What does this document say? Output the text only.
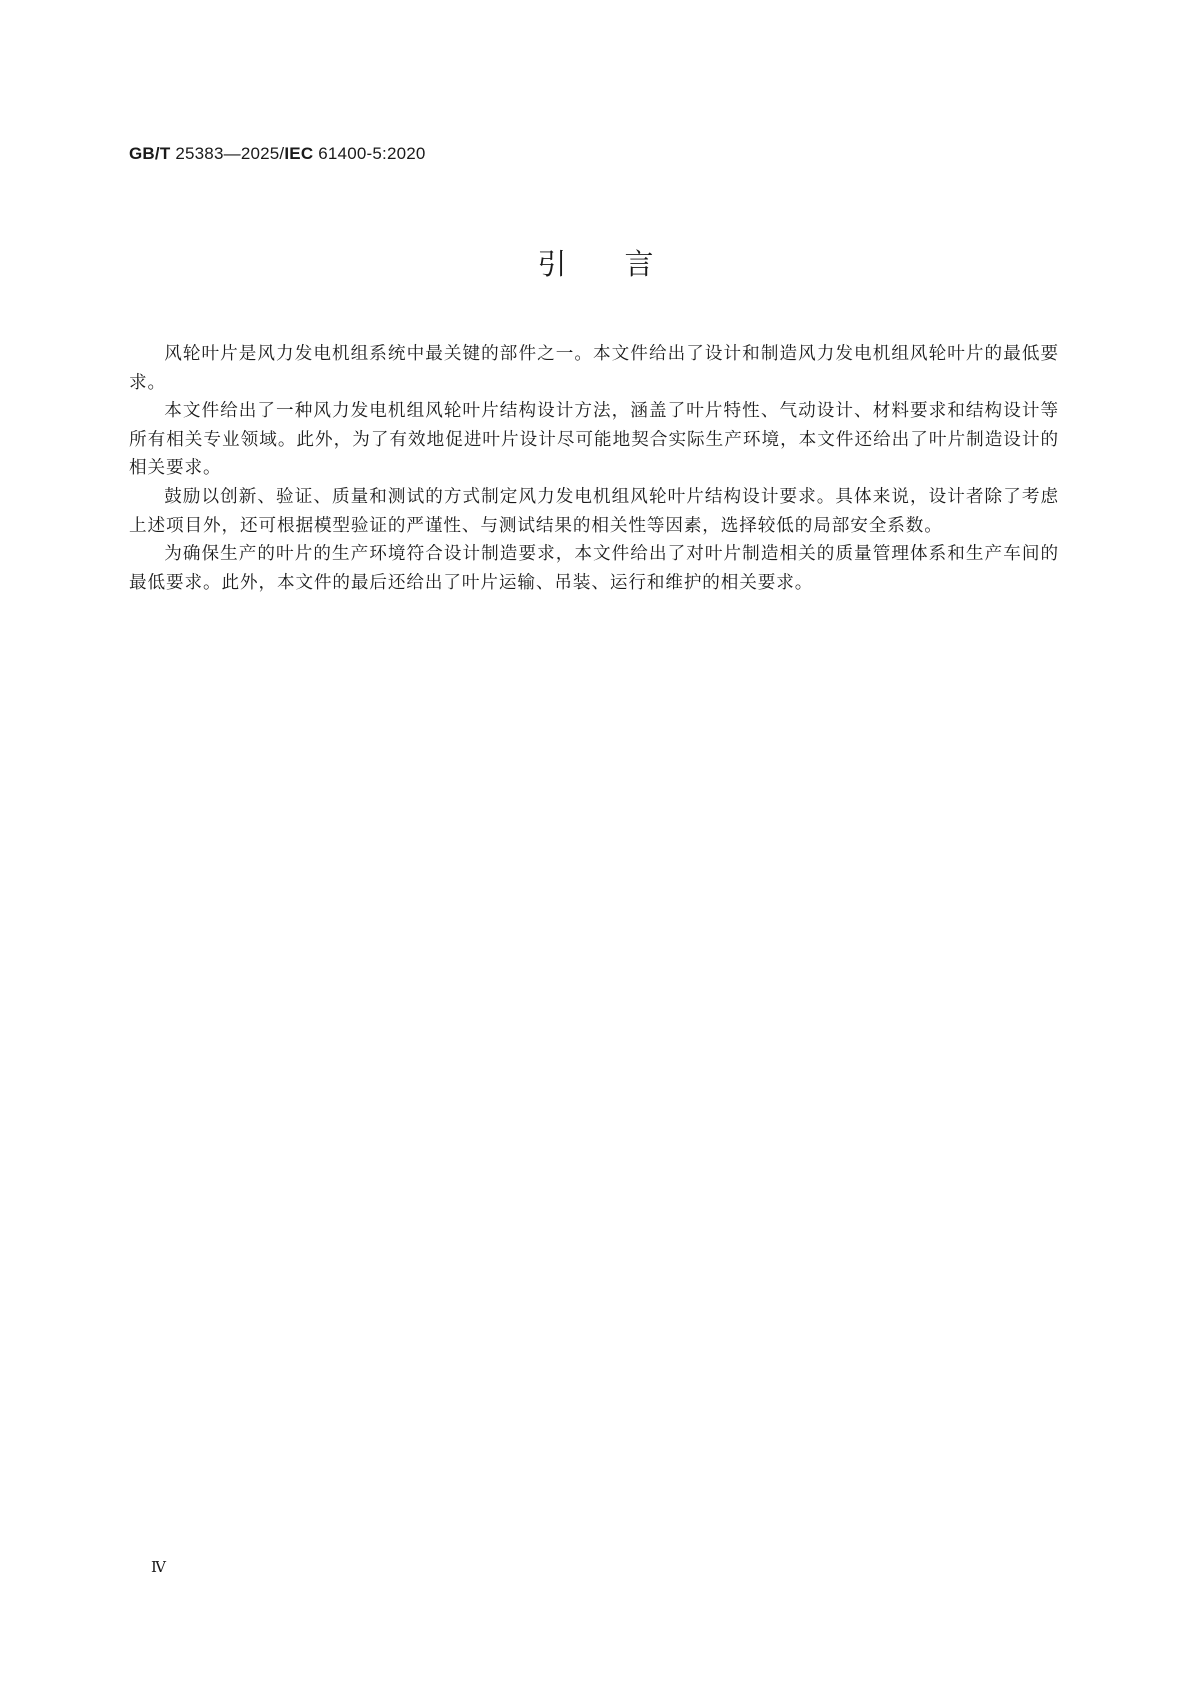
GB/T 25383—2025/IEC 61400-5:2020
引言

风轮叶片是风力发电机组系统中最关键的部件之一。本文件给出了设计和制造风力发电机组风轮叶片的最低要求。

本文件给出了一种风力发电机组风轮叶片结构设计方法，涵盖了叶片特性、气动设计、材料要求和结构设计等所有相关专业领域。此外，为了有效地促进叶片设计尽可能地契合实际生产环境，本文件还给出了叶片制造设计的相关要求。

鼓励以创新、验证、质量和测试的方式制定风力发电机组风轮叶片结构设计要求。具体来说，设计者除了考虑上述项目外，还可根据模型验证的严谨性、与测试结果的相关性等因素，选择较低的局部安全系数。

为确保生产的叶片的生产环境符合设计制造要求，本文件给出了对叶片制造相关的质量管理体系和生产车间的最低要求。此外，本文件的最后还给出了叶片运输、吊装、运行和维护的相关要求。

Ⅳ
